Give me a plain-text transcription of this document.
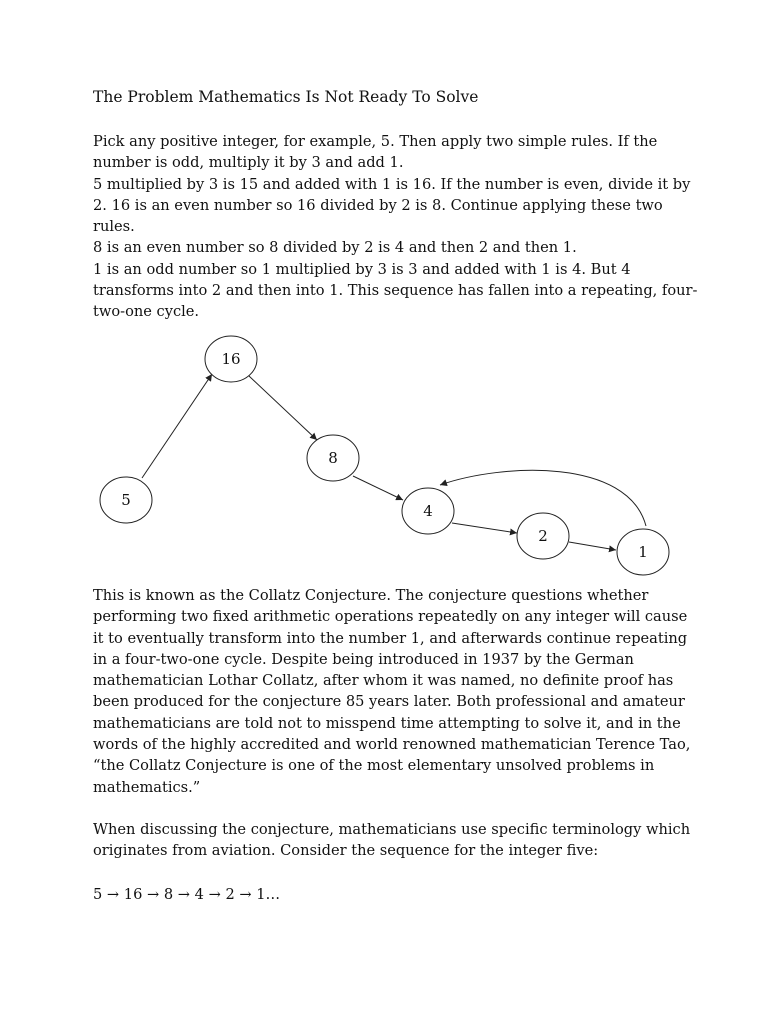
The Problem Mathematics Is Not Ready To Solve
Pick any positive integer, for example, 5. Then apply two simple rules. If the
number is odd, multiply it by 3 and add 1.
5 multiplied by 3 is 15 and added with 1 is 16. If the number is even, divide it by
2. 16 is an even number so 16 divided by 2 is 8. Continue applying these two
rules.
8 is an even number so 8 divided by 2 is 4 and then 2 and then 1.
1 is an odd number so 1 multiplied by 3 is 3 and added with 1 is 4. But 4
transforms into 2 and then into 1. This sequence has fallen into a repeating, four-
two-one cycle.
5
16
8
4
2
1
This is known as the Collatz Conjecture. The conjecture questions whether
performing two fixed arithmetic operations repeatedly on any integer will cause
it to eventually transform into the number 1, and afterwards continue repeating
in a four-two-one cycle. Despite being introduced in 1937 by the German
mathematician Lothar Collatz, after whom it was named, no definite proof has
been produced for the conjecture 85 years later. Both professional and amateur
mathematicians are told not to misspend time attempting to solve it, and in the
words of the highly accredited and world renowned mathematician Terence Tao,
“the Collatz Conjecture is one of the most elementary unsolved problems in
mathematics.”
When discussing the conjecture, mathematicians use specific terminology which
originates from aviation. Consider the sequence for the integer five:
5 → 16 → 8 → 4 → 2 → 1…
